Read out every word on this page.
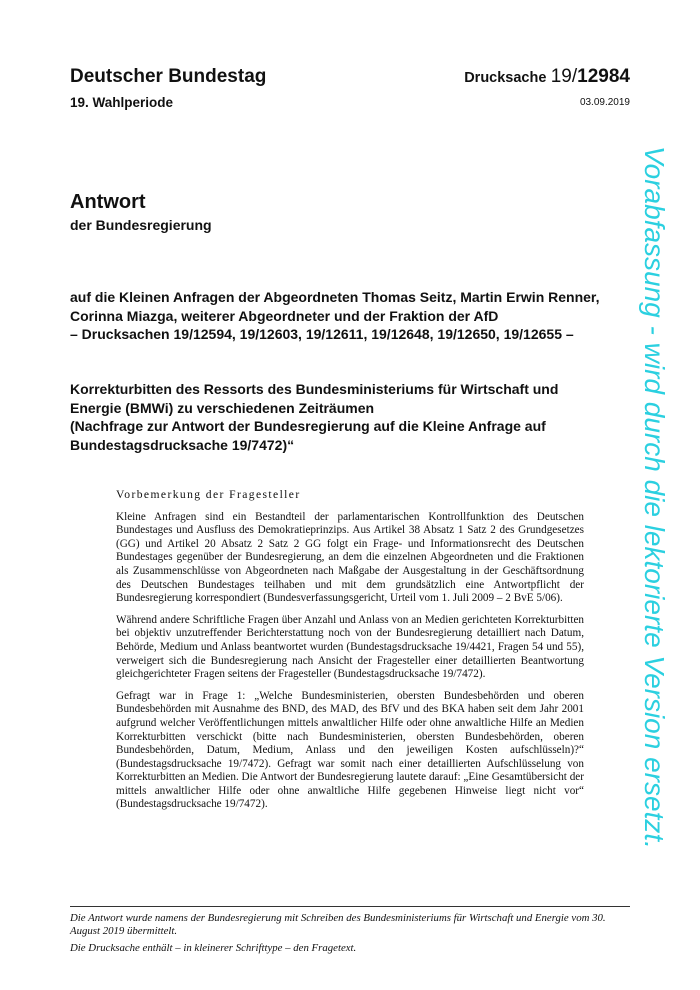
Deutscher Bundestag	Drucksache 19/12984
19. Wahlperiode	03.09.2019
Antwort
der Bundesregierung
auf die Kleinen Anfragen der Abgeordneten Thomas Seitz, Martin Erwin Renner,
Corinna Miazga, weiterer Abgeordneter und der Fraktion der AfD
– Drucksachen 19/12594, 19/12603, 19/12611, 19/12648, 19/12650, 19/12655 –
Korrekturbitten des Ressorts des Bundesministeriums für Wirtschaft und
Energie (BMWi) zu verschiedenen Zeiträumen
(Nachfrage zur Antwort der Bundesregierung auf die Kleine Anfrage auf
Bundestagsdrucksache 19/7472)“
Vorbemerkung der Fragesteller

Kleine Anfragen sind ein Bestandteil der parlamentarischen Kontrollfunktion des Deutschen Bundestages und Ausfluss des Demokratieprinzips. Aus Artikel 38 Absatz 1 Satz 2 des Grundgesetzes (GG) und Artikel 20 Absatz 2 Satz 2 GG folgt ein Frage- und Informationsrecht des Deutschen Bundestages gegenüber der Bundesregierung, an dem die einzelnen Abgeordneten und die Fraktionen als Zusammenschlüsse von Abgeordneten nach Maßgabe der Ausgestaltung in der Geschäftsordnung des Deutschen Bundestages teilhaben und mit dem grundsätzlich eine Antwortpflicht der Bundesregierung korrespondiert (Bundesverfassungsgericht, Urteil vom 1. Juli 2009 – 2 BvE 5/06).

Während andere Schriftliche Fragen über Anzahl und Anlass von an Medien gerichteten Korrekturbitten bei objektiv unzutreffender Berichterstattung noch von der Bundesregierung detailliert nach Datum, Behörde, Medium und Anlass beantwortet wurden (Bundestagsdrucksache 19/4421, Fragen 54 und 55), verweigert sich die Bundesregierung nach Ansicht der Fragesteller einer detaillierten Beantwortung gleichgerichteter Fragen seitens der Fragesteller (Bundestagsdrucksache 19/7472).

Gefragt war in Frage 1: „Welche Bundesministerien, obersten Bundesbehörden und oberen Bundesbehörden mit Ausnahme des BND, des MAD, des BfV und des BKA haben seit dem Jahr 2001 aufgrund welcher Veröffentlichungen mittels anwaltlicher Hilfe oder ohne anwaltliche Hilfe an Medien Korrekturbitten verschickt (bitte nach Bundesministerien, obersten Bundesbehörden, oberen Bundesbehörden, Datum, Medium, Anlass und den jeweiligen Kosten aufschlüsseln)?“ (Bundestagsdrucksache 19/7472). Gefragt war somit nach einer detaillierten Aufschlüsselung von Korrekturbitten an Medien. Die Antwort der Bundesregierung lautete darauf: „Eine Gesamtübersicht der mittels anwaltlicher Hilfe oder ohne anwaltliche Hilfe gegebenen Hinweise liegt nicht vor“ (Bundestagsdrucksache 19/7472).

Die Antwort wurde namens der Bundesregierung mit Schreiben des Bundesministeriums für Wirtschaft und Energie vom 30. August 2019 übermittelt.

Die Drucksache enthält – in kleinerer Schrifttype – den Fragetext.

Vorabfassung - wird durch die lektorierte Version ersetzt.
